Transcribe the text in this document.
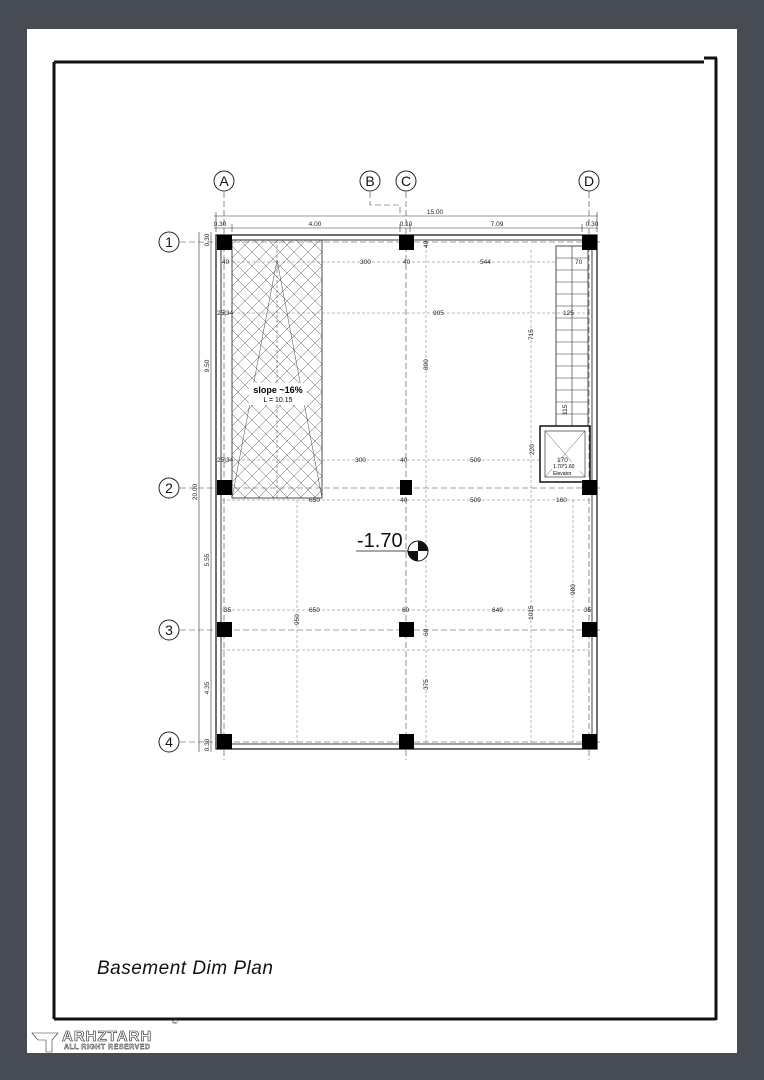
A	B C	D
1
2
3
4
15.00
0.30	4.00	0.10	7.09	0.30
20.00
0.30
9.50
5.55
4.35
0.30
slope ~16%
L = 10.15
1.70*1.60
Elevator
40	300	40	544	70
25|34	905	125
25|34	300	40	509
220
170
650	40	509	160
35	650	60	649	35
890
715
950	1015
980
375
60
115
40
-1.70
Basement Dim Plan
ARHZTARH
©
ALL RIGHT RESERVED
